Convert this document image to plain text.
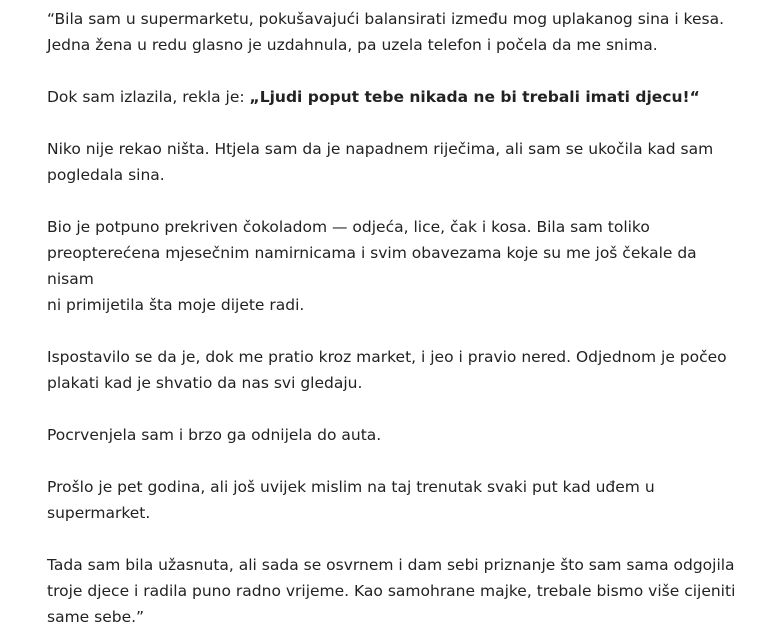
“Bila sam u supermarketu, pokušavajući balansirati između mog uplakanog sina i kesa.
Jedna žena u redu glasno je uzdahnula, pa uzela telefon i počela da me snima.

Dok sam izlazila, rekla je: „Ljudi poput tebe nikada ne bi trebali imati djecu!“

Niko nije rekao ništa. Htjela sam da je napadnem riječima, ali sam se ukočila kad sam
pogledala sina.

Bio je potpuno prekriven čokoladom — odjeća, lice, čak i kosa. Bila sam toliko
preopterećena mjesečnim namirnicama i svim obavezama koje su me još čekale da nisam
ni primijetila šta moje dijete radi.

Ispostavilo se da je, dok me pratio kroz market, i jeo i pravio nered. Odjednom je počeo
plakati kad je shvatio da nas svi gledaju.

Pocrvenjela sam i brzo ga odnijela do auta.

Prošlo je pet godina, ali još uvijek mislim na taj trenutak svaki put kad uđem u
supermarket.

Tada sam bila užasnuta, ali sada se osvrnem i dam sebi priznanje što sam sama odgojila
troje djece i radila puno radno vrijeme. Kao samohrane majke, trebale bismo više cijeniti
same sebe.”
